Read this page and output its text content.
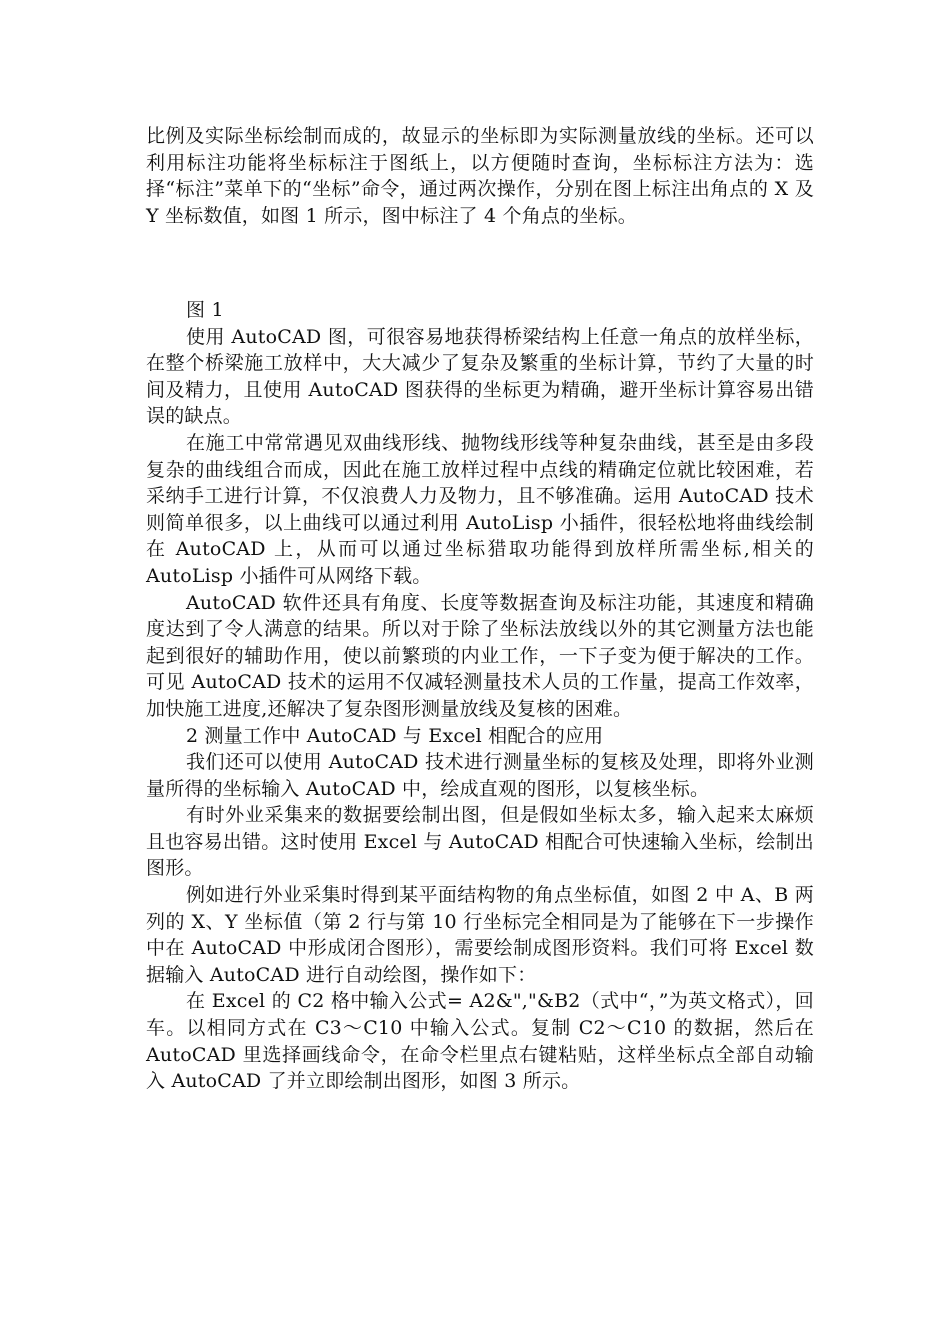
比例及实际坐标绘制而成的，故显示的坐标即为实际测量放线的坐标。还可以利用标注功能将坐标标注于图纸上，以方便随时查询，坐标标注方法为：选择“标注”菜单下的“坐标”命令，通过两次操作，分别在图上标注出角点的 X 及 Y 坐标数值，如图 1 所示，图中标注了 4 个角点的坐标。

图 1

使用 AutoCAD 图，可很容易地获得桥梁结构上任意一角点的放样坐标，在整个桥梁施工放样中，大大减少了复杂及繁重的坐标计算，节约了大量的时间及精力，且使用 AutoCAD 图获得的坐标更为精确，避开坐标计算容易出错误的缺点。

在施工中常常遇见双曲线形线、抛物线形线等种复杂曲线，甚至是由多段复杂的曲线组合而成，因此在施工放样过程中点线的精确定位就比较困难，若采纳手工进行计算，不仅浪费人力及物力，且不够准确。运用 AutoCAD 技术则简单很多，以上曲线可以通过利用 AutoLisp 小插件，很轻松地将曲线绘制在 AutoCAD 上，从而可以通过坐标猎取功能得到放样所需坐标,相关的 AutoLisp 小插件可从网络下载。

AutoCAD 软件还具有角度、长度等数据查询及标注功能，其速度和精确度达到了令人满意的结果。所以对于除了坐标法放线以外的其它测量方法也能起到很好的辅助作用，使以前繁琐的内业工作，一下子变为便于解决的工作。可见 AutoCAD 技术的运用不仅减轻测量技术人员的工作量，提高工作效率，加快施工进度,还解决了复杂图形测量放线及复核的困难。

2 测量工作中 AutoCAD 与 Excel 相配合的应用

我们还可以使用 AutoCAD 技术进行测量坐标的复核及处理，即将外业测量所得的坐标输入 AutoCAD 中，绘成直观的图形，以复核坐标。

有时外业采集来的数据要绘制出图，但是假如坐标太多，输入起来太麻烦且也容易出错。这时使用 Excel 与 AutoCAD 相配合可快速输入坐标，绘制出图形。

例如进行外业采集时得到某平面结构物的角点坐标值，如图 2 中 A、B 两列的 X、Y 坐标值（第 2 行与第 10 行坐标完全相同是为了能够在下一步操作中在 AutoCAD 中形成闭合图形），需要绘制成图形资料。我们可将 Excel 数据输入 AutoCAD 进行自动绘图，操作如下：

在 Excel 的 C2 格中输入公式= A2&","&B2（式中“，”为英文格式），回车。以相同方式在 C3～C10 中输入公式。复制 C2～C10 的数据，然后在 AutoCAD 里选择画线命令，在命令栏里点右键粘贴，这样坐标点全部自动输入 AutoCAD 了并立即绘制出图形，如图 3 所示。
